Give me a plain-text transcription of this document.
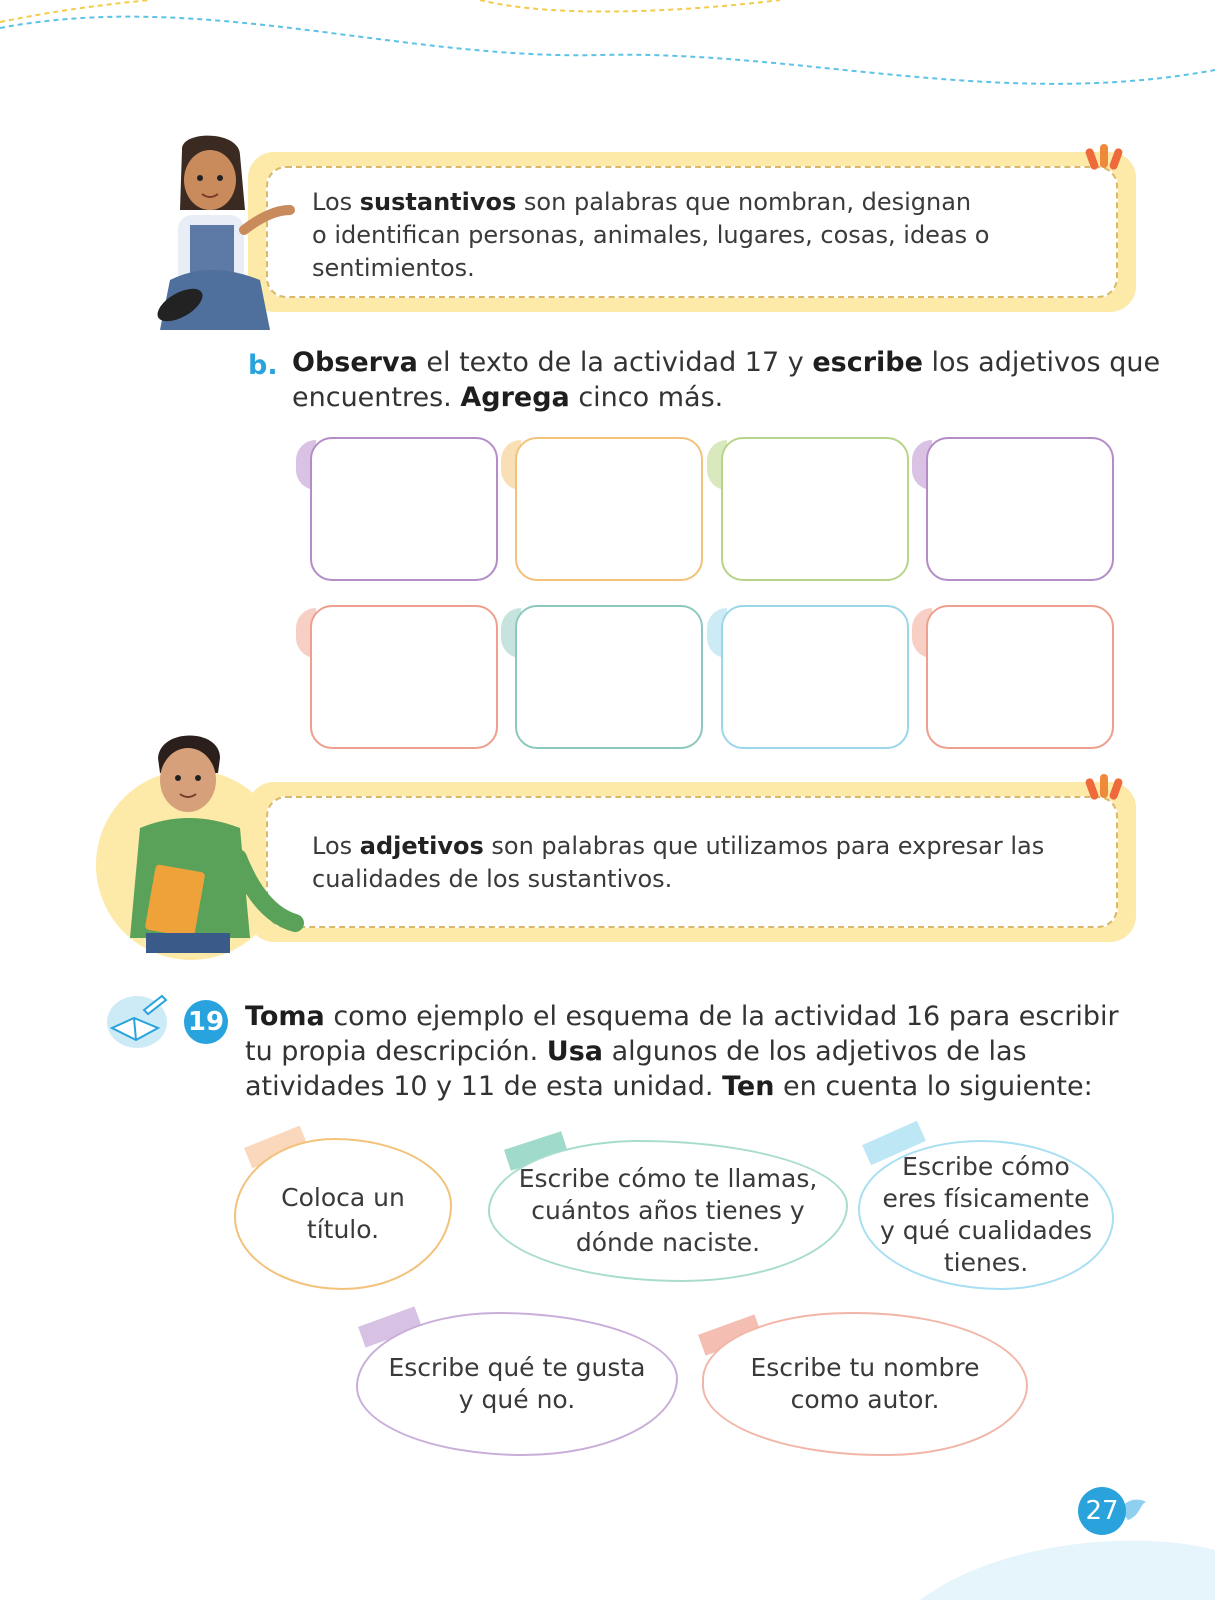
Los sustantivos son palabras que nombran, designan
o identifican personas, animales, lugares, cosas, ideas o
sentimientos.
b. Observa el texto de la actividad 17 y escribe los adjetivos que
encuentres. Agrega cinco más.
Los adjetivos son palabras que utilizamos para expresar las
cualidades de los sustantivos.
19 Toma como ejemplo el esquema de la actividad 16 para escribir
tu propia descripción. Usa algunos de los adjetivos de las
atividades 10 y 11 de esta unidad. Ten en cuenta lo siguiente:
Coloca un
título.
Escribe cómo te llamas,
cuántos años tienes y
dónde naciste.
Escribe cómo
eres físicamente
y qué cualidades
tienes.
Escribe qué te gusta
y qué no.
Escribe tu nombre
como autor.
27
